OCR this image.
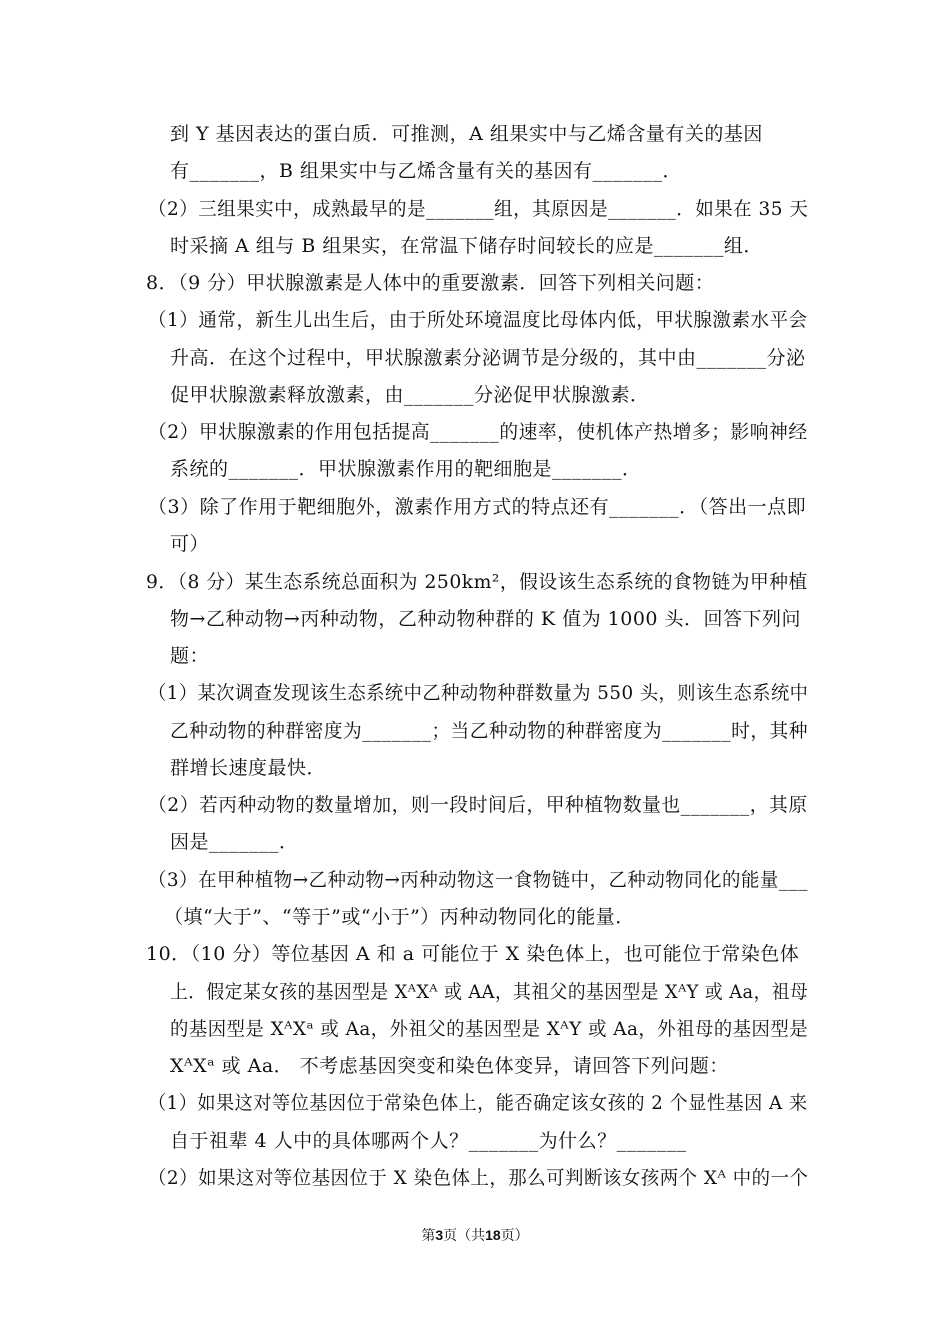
到 Y 基因表达的蛋白质．可推测，A 组果实中与乙烯含量有关的基因
有_______，B 组果实中与乙烯含量有关的基因有_______．
（2）三组果实中，成熟最早的是_______组，其原因是_______．如果在 35 天
时采摘 A 组与 B 组果实，在常温下储存时间较长的应是_______组．
8．（9 分）甲状腺激素是人体中的重要激素．回答下列相关问题：
（1）通常，新生儿出生后，由于所处环境温度比母体内低，甲状腺激素水平会
升高．在这个过程中，甲状腺激素分泌调节是分级的，其中由_______分泌
促甲状腺激素释放激素，由_______分泌促甲状腺激素．
（2）甲状腺激素的作用包括提高_______的速率，使机体产热增多；影响神经
系统的_______．甲状腺激素作用的靶细胞是_______．
（3）除了作用于靶细胞外，激素作用方式的特点还有_______．（答出一点即
可）
9．（8 分）某生态系统总面积为 250km²，假设该生态系统的食物链为甲种植
物→乙种动物→丙种动物，乙种动物种群的 K 值为 1000 头．回答下列问
题：
（1）某次调查发现该生态系统中乙种动物种群数量为 550 头，则该生态系统中
乙种动物的种群密度为_______；当乙种动物的种群密度为_______时，其种
群增长速度最快．
（2）若丙种动物的数量增加，则一段时间后，甲种植物数量也_______，其原
因是_______．
（3）在甲种植物→乙种动物→丙种动物这一食物链中，乙种动物同化的能量___
（填“大于”、“等于”或“小于”）丙种动物同化的能量．
10．（10 分）等位基因 A 和 a 可能位于 X 染色体上，也可能位于常染色体
上．假定某女孩的基因型是 XᴬXᴬ 或 AA，其祖父的基因型是 XᴬY 或 Aa，祖母
的基因型是 XᴬXᵃ 或 Aa，外祖父的基因型是 XᴬY 或 Aa，外祖母的基因型是
XᴬXᵃ 或 Aa． 不考虑基因突变和染色体变异，请回答下列问题：
（1）如果这对等位基因位于常染色体上，能否确定该女孩的 2 个显性基因 A 来
自于祖辈 4 人中的具体哪两个人？_______为什么？_______
（2）如果这对等位基因位于 X 染色体上，那么可判断该女孩两个 Xᴬ 中的一个
第3页（共18页）
